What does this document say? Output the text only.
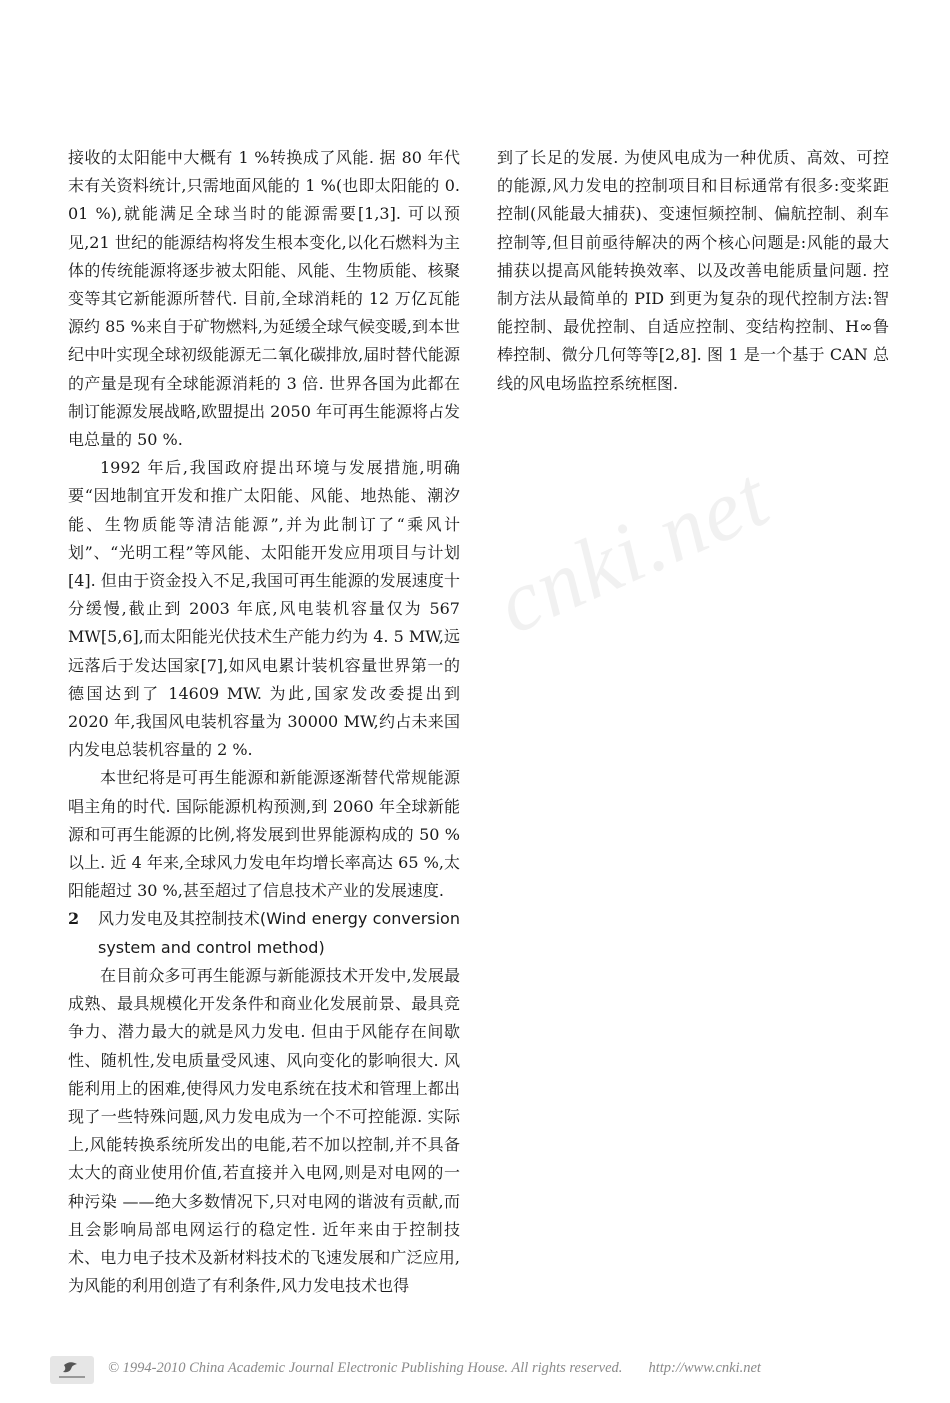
cnki.net

接收的太阳能中大概有 1 %转换成了风能. 据 80 年代末有关资料统计,只需地面风能的 1 %(也即太阳能的 0. 01 %),就能满足全球当时的能源需要[1,3]. 可以预见,21 世纪的能源结构将发生根本变化,以化石燃料为主体的传统能源将逐步被太阳能、风能、生物质能、核聚变等其它新能源所替代. 目前,全球消耗的 12 万亿瓦能源约 85 %来自于矿物燃料,为延缓全球气候变暖,到本世纪中叶实现全球初级能源无二氧化碳排放,届时替代能源的产量是现有全球能源消耗的 3 倍. 世界各国为此都在制订能源发展战略,欧盟提出 2050 年可再生能源将占发电总量的 50 %.

1992 年后,我国政府提出环境与发展措施,明确要“因地制宜开发和推广太阳能、风能、地热能、潮汐能、生物质能等清洁能源”,并为此制订了“乘风计划”、“光明工程”等风能、太阳能开发应用项目与计划[4]. 但由于资金投入不足,我国可再生能源的发展速度十分缓慢,截止到 2003 年底,风电装机容量仅为 567 MW[5,6],而太阳能光伏技术生产能力约为 4. 5 MW,远远落后于发达国家[7],如风电累计装机容量世界第一的德国达到了 14609 MW. 为此,国家发改委提出到 2020 年,我国风电装机容量为 30000 MW,约占未来国内发电总装机容量的 2 %.

本世纪将是可再生能源和新能源逐渐替代常规能源唱主角的时代. 国际能源机构预测,到 2060 年全球新能源和可再生能源的比例,将发展到世界能源构成的 50 %以上. 近 4 年来,全球风力发电年均增长率高达 65 %,太阳能超过 30 %,甚至超过了信息技术产业的发展速度.

2 风力发电及其控制技术(Wind energy conversion system and control method)

在目前众多可再生能源与新能源技术开发中,发展最成熟、最具规模化开发条件和商业化发展前景、最具竞争力、潜力最大的就是风力发电. 但由于风能存在间歇性、随机性,发电质量受风速、风向变化的影响很大. 风能利用上的困难,使得风力发电系统在技术和管理上都出现了一些特殊问题,风力发电成为一个不可控能源. 实际上,风能转换系统所发出的电能,若不加以控制,并不具备太大的商业使用价值,若直接并入电网,则是对电网的一种污染 ——绝大多数情况下,只对电网的谐波有贡献,而且会影响局部电网运行的稳定性. 近年来由于控制技术、电力电子技术及新材料技术的飞速发展和广泛应用,为风能的利用创造了有利条件,风力发电技术也得

到了长足的发展. 为使风电成为一种优质、高效、可控的能源,风力发电的控制项目和目标通常有很多:变桨距控制(风能最大捕获)、变速恒频控制、偏航控制、刹车控制等,但目前亟待解决的两个核心问题是:风能的最大捕获以提高风能转换效率、以及改善电能质量问题. 控制方法从最简单的 PID 到更为复杂的现代控制方法:智能控制、最优控制、自适应控制、变结构控制、H∞鲁棒控制、微分几何等等[2,8]. 图 1 是一个基于 CAN 总线的风电场监控系统框图.

© 1994-2010 China Academic Journal Electronic Publishing House. All rights reserved. http://www.cnki.net
